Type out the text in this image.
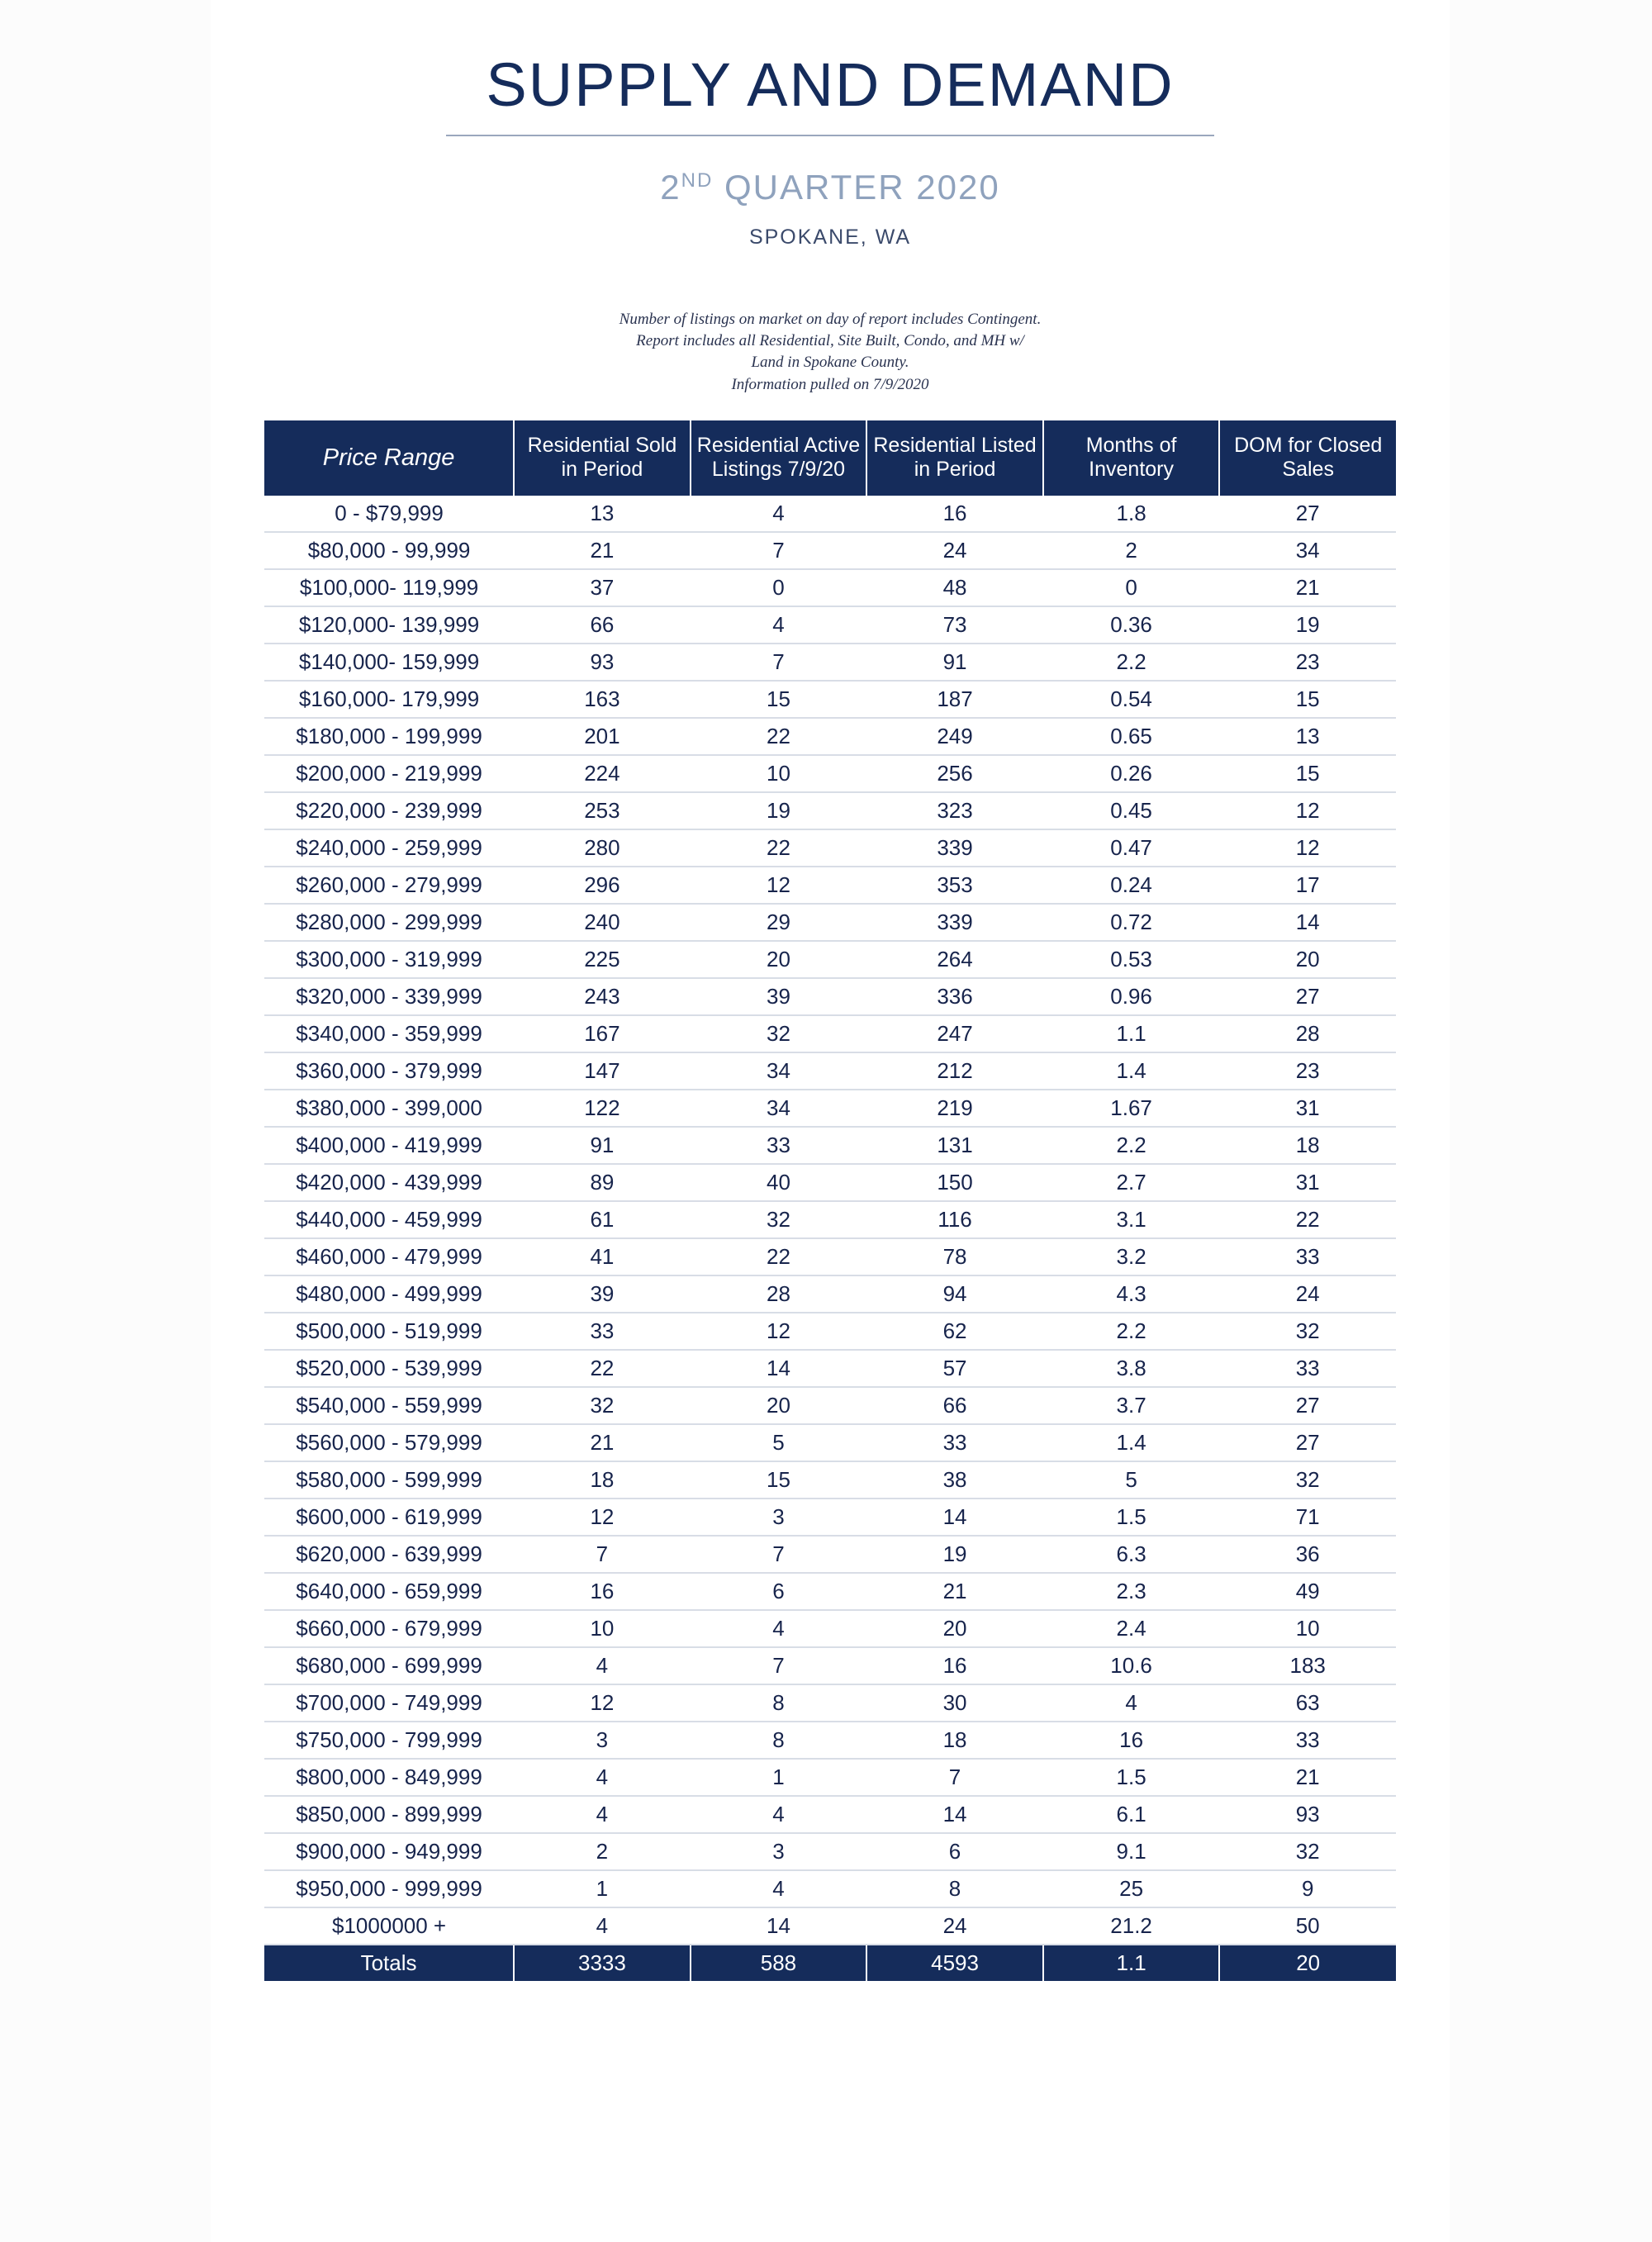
SUPPLY AND DEMAND
2ND QUARTER 2020
SPOKANE, WA
Number of listings on market on day of report includes Contingent.
Report includes all Residential, Site Built, Condo, and MH w/
Land in Spokane County.
Information pulled on 7/9/2020
Price Range	Residential Sold in Period	Residential Active Listings 7/9/20	Residential Listed in Period	Months of Inventory	DOM for Closed Sales
0 - $79,999	13	4	16	1.8	27
$80,000 - 99,999	21	7	24	2	34
$100,000- 119,999	37	0	48	0	21
$120,000- 139,999	66	4	73	0.36	19
$140,000- 159,999	93	7	91	2.2	23
$160,000- 179,999	163	15	187	0.54	15
$180,000 - 199,999	201	22	249	0.65	13
$200,000 - 219,999	224	10	256	0.26	15
$220,000 - 239,999	253	19	323	0.45	12
$240,000 - 259,999	280	22	339	0.47	12
$260,000 - 279,999	296	12	353	0.24	17
$280,000 - 299,999	240	29	339	0.72	14
$300,000 - 319,999	225	20	264	0.53	20
$320,000 - 339,999	243	39	336	0.96	27
$340,000 - 359,999	167	32	247	1.1	28
$360,000 - 379,999	147	34	212	1.4	23
$380,000 - 399,000	122	34	219	1.67	31
$400,000 - 419,999	91	33	131	2.2	18
$420,000 - 439,999	89	40	150	2.7	31
$440,000 - 459,999	61	32	116	3.1	22
$460,000 - 479,999	41	22	78	3.2	33
$480,000 - 499,999	39	28	94	4.3	24
$500,000 - 519,999	33	12	62	2.2	32
$520,000 - 539,999	22	14	57	3.8	33
$540,000 - 559,999	32	20	66	3.7	27
$560,000 - 579,999	21	5	33	1.4	27
$580,000 - 599,999	18	15	38	5	32
$600,000 - 619,999	12	3	14	1.5	71
$620,000 - 639,999	7	7	19	6.3	36
$640,000 - 659,999	16	6	21	2.3	49
$660,000 - 679,999	10	4	20	2.4	10
$680,000 - 699,999	4	7	16	10.6	183
$700,000 - 749,999	12	8	30	4	63
$750,000 - 799,999	3	8	18	16	33
$800,000 - 849,999	4	1	7	1.5	21
$850,000 - 899,999	4	4	14	6.1	93
$900,000 - 949,999	2	3	6	9.1	32
$950,000 - 999,999	1	4	8	25	9
$1000000 +	4	14	24	21.2	50
Totals	3333	588	4593	1.1	20
